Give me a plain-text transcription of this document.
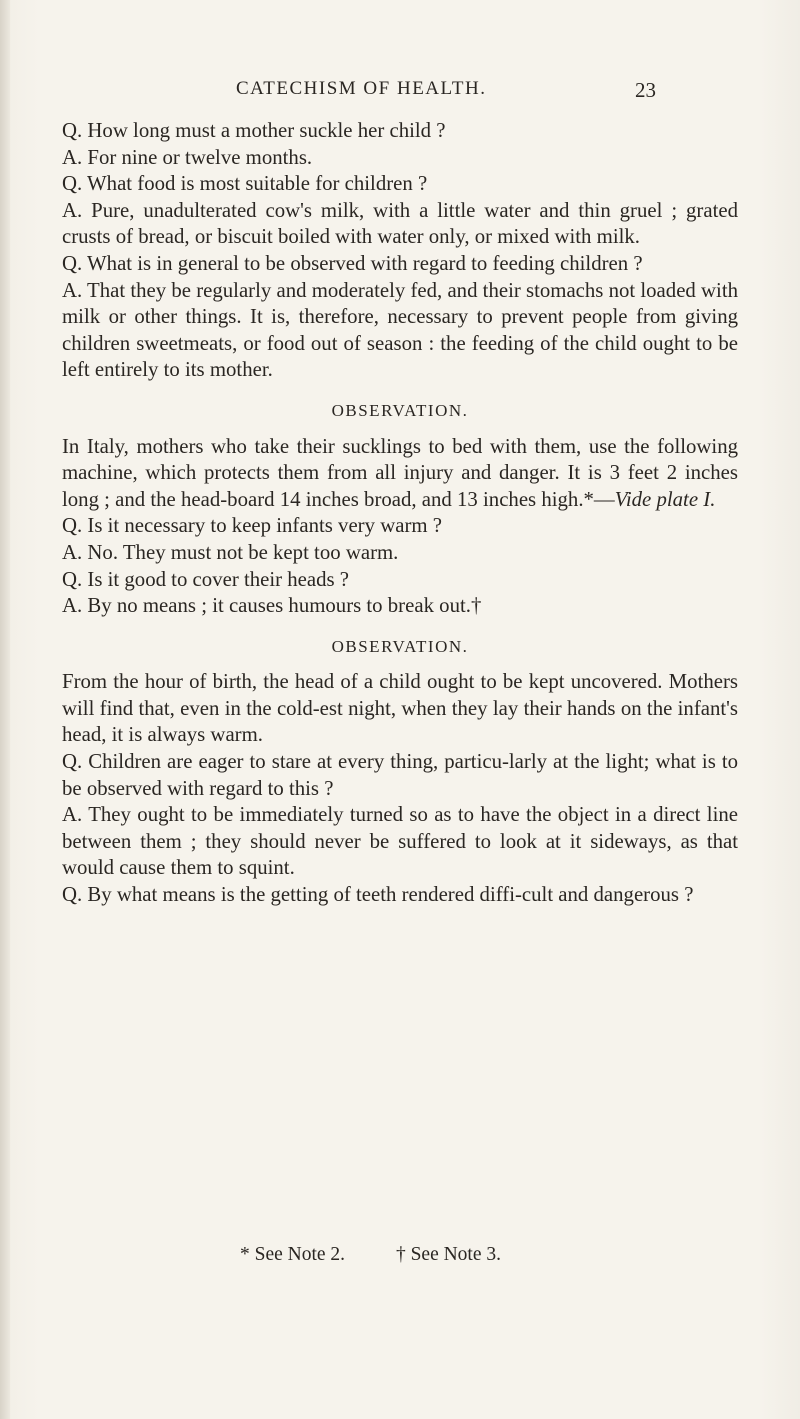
CATECHISM OF HEALTH.	23

Q. How long must a mother suckle her child ?

A. For nine or twelve months.

Q. What food is most suitable for children ?

A. Pure, unadulterated cow's milk, with a little water and thin gruel ; grated crusts of bread, or biscuit boiled with water only, or mixed with milk.

Q. What is in general to be observed with regard to feeding children ?

A. That they be regularly and moderately fed, and their stomachs not loaded with milk or other things. It is, therefore, necessary to prevent people from giving children sweetmeats, or food out of season : the feeding of the child ought to be left entirely to its mother.

OBSERVATION.

In Italy, mothers who take their sucklings to bed with them, use the following machine, which protects them from all injury and danger. It is 3 feet 2 inches long ; and the head-board 14 inches broad, and 13 inches high.*—Vide plate I.

Q. Is it necessary to keep infants very warm ?

A. No. They must not be kept too warm.

Q. Is it good to cover their heads ?

A. By no means ; it causes humours to break out.†

OBSERVATION.

From the hour of birth, the head of a child ought to be kept uncovered. Mothers will find that, even in the cold-est night, when they lay their hands on the infant's head, it is always warm.

Q. Children are eager to stare at every thing, particu-larly at the light; what is to be observed with regard to this ?

A. They ought to be immediately turned so as to have the object in a direct line between them ; they should never be suffered to look at it sideways, as that would cause them to squint.

Q. By what means is the getting of teeth rendered diffi-cult and dangerous ?

* See Note 2.	† See Note 3.
